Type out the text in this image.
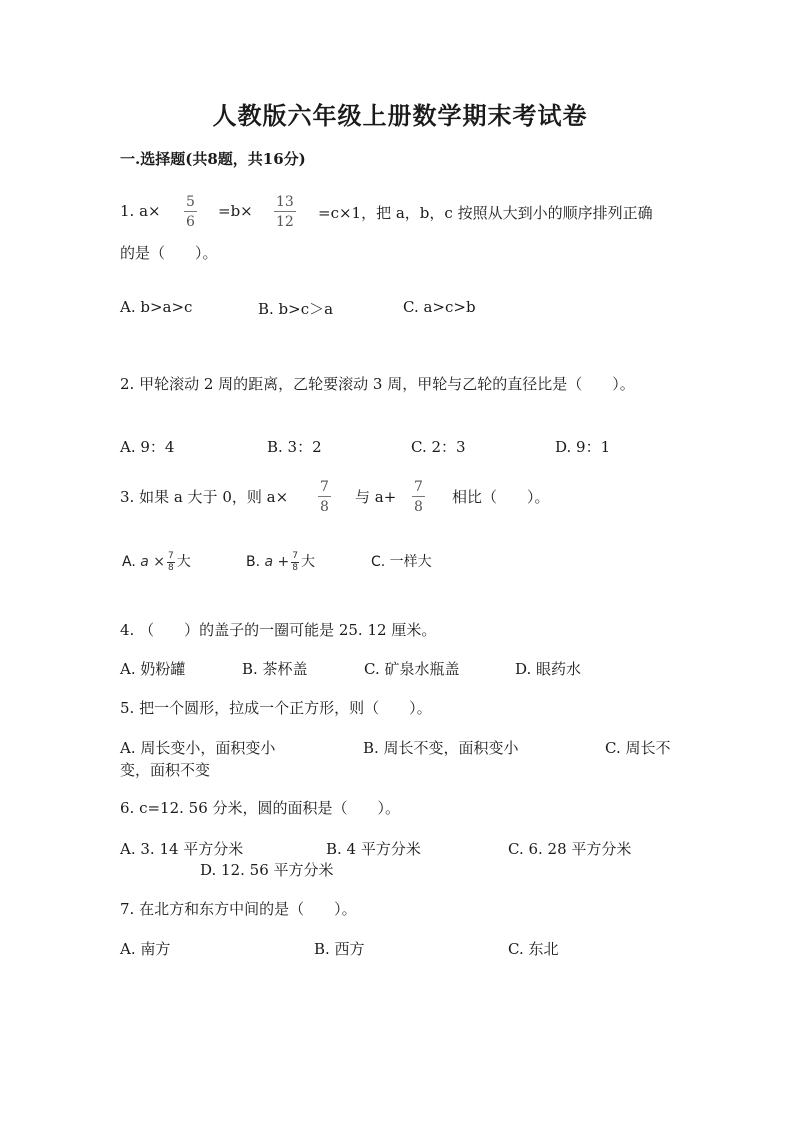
人教版六年级上册数学期末考试卷
一.选择题(共8题，共16分)
1. $a\times \frac{5}{6} =b\times \frac{13}{12} =c\times 1$，把 a，b，c 按照从大到小的顺序排列正确
的是（　　）。
A. b>a>c	B. b>c＞a	C. a>c>b
2. 甲轮滚动 2 周的距离，乙轮要滚动 3 周，甲轮与乙轮的直径比是（　　）。
A. 9：4	B. 3：2	C. 2：3	D. 9：1
3. 如果 a 大于 0，则 $a\times \frac{7}{8}$ 与 $a+ \frac{7}{8}$ 相比（　　）。
A. $a \times \frac{7}{8}$ 大	B. $a + \frac{7}{8}$ 大	C. 一样大
4. （　　）的盖子的一圈可能是 25. 12 厘米。
A. 奶粉罐	B. 茶杯盖	C. 矿泉水瓶盖	D. 眼药水
5. 把一个圆形，拉成一个正方形，则（　　）。
A. 周长变小，面积变小	B. 周长不变，面积变小	C. 周长不
变，面积不变
6. c=12. 56 分米，圆的面积是（　　）。
A. 3. 14 平方分米	B. 4 平方分米	C. 6. 28 平方分米
D. 12. 56 平方分米
7. 在北方和东方中间的是（　　）。
A. 南方	B. 西方	C. 东北
